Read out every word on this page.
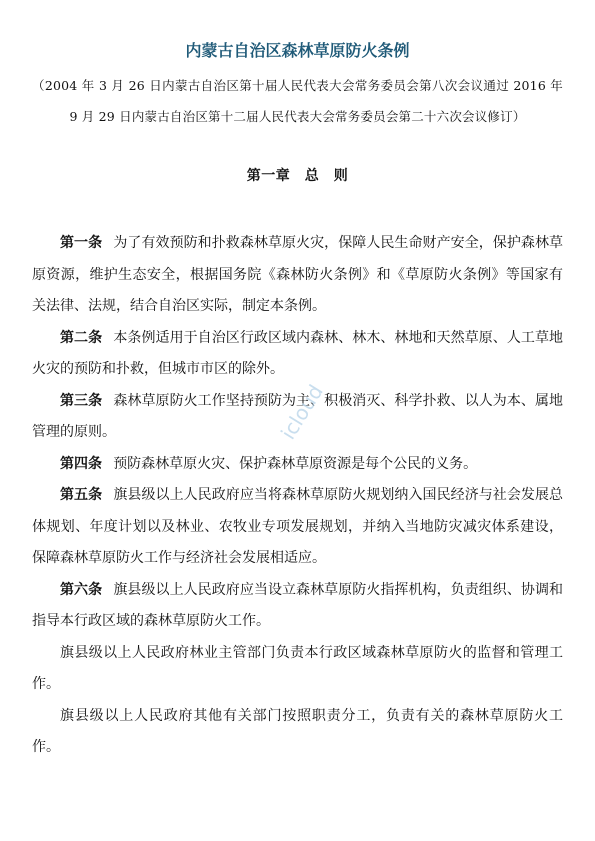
内蒙古自治区森林草原防火条例
（2004 年 3 月 26 日内蒙古自治区第十届人民代表大会常务委员会第八次会议通过 2016 年 9 月 29 日内蒙古自治区第十二届人民代表大会常务委员会第二十六次会议修订）
第一章　总　则

第一条 为了有效预防和扑救森林草原火灾，保障人民生命财产安全，保护森林草原资源，维护生态安全，根据国务院《森林防火条例》和《草原防火条例》等国家有关法律、法规，结合自治区实际，制定本条例。

第二条 本条例适用于自治区行政区域内森林、林木、林地和天然草原、人工草地火灾的预防和扑救，但城市市区的除外。

第三条 森林草原防火工作坚持预防为主、积极消灭、科学扑救、以人为本、属地管理的原则。

第四条 预防森林草原火灾、保护森林草原资源是每个公民的义务。

第五条 旗县级以上人民政府应当将森林草原防火规划纳入国民经济与社会发展总体规划、年度计划以及林业、农牧业专项发展规划，并纳入当地防灾减灾体系建设，保障森林草原防火工作与经济社会发展相适应。

第六条 旗县级以上人民政府应当设立森林草原防火指挥机构，负责组织、协调和指导本行政区域的森林草原防火工作。

旗县级以上人民政府林业主管部门负责本行政区域森林草原防火的监督和管理工作。

旗县级以上人民政府其他有关部门按照职责分工，负责有关的森林草原防火工作。

icloud
